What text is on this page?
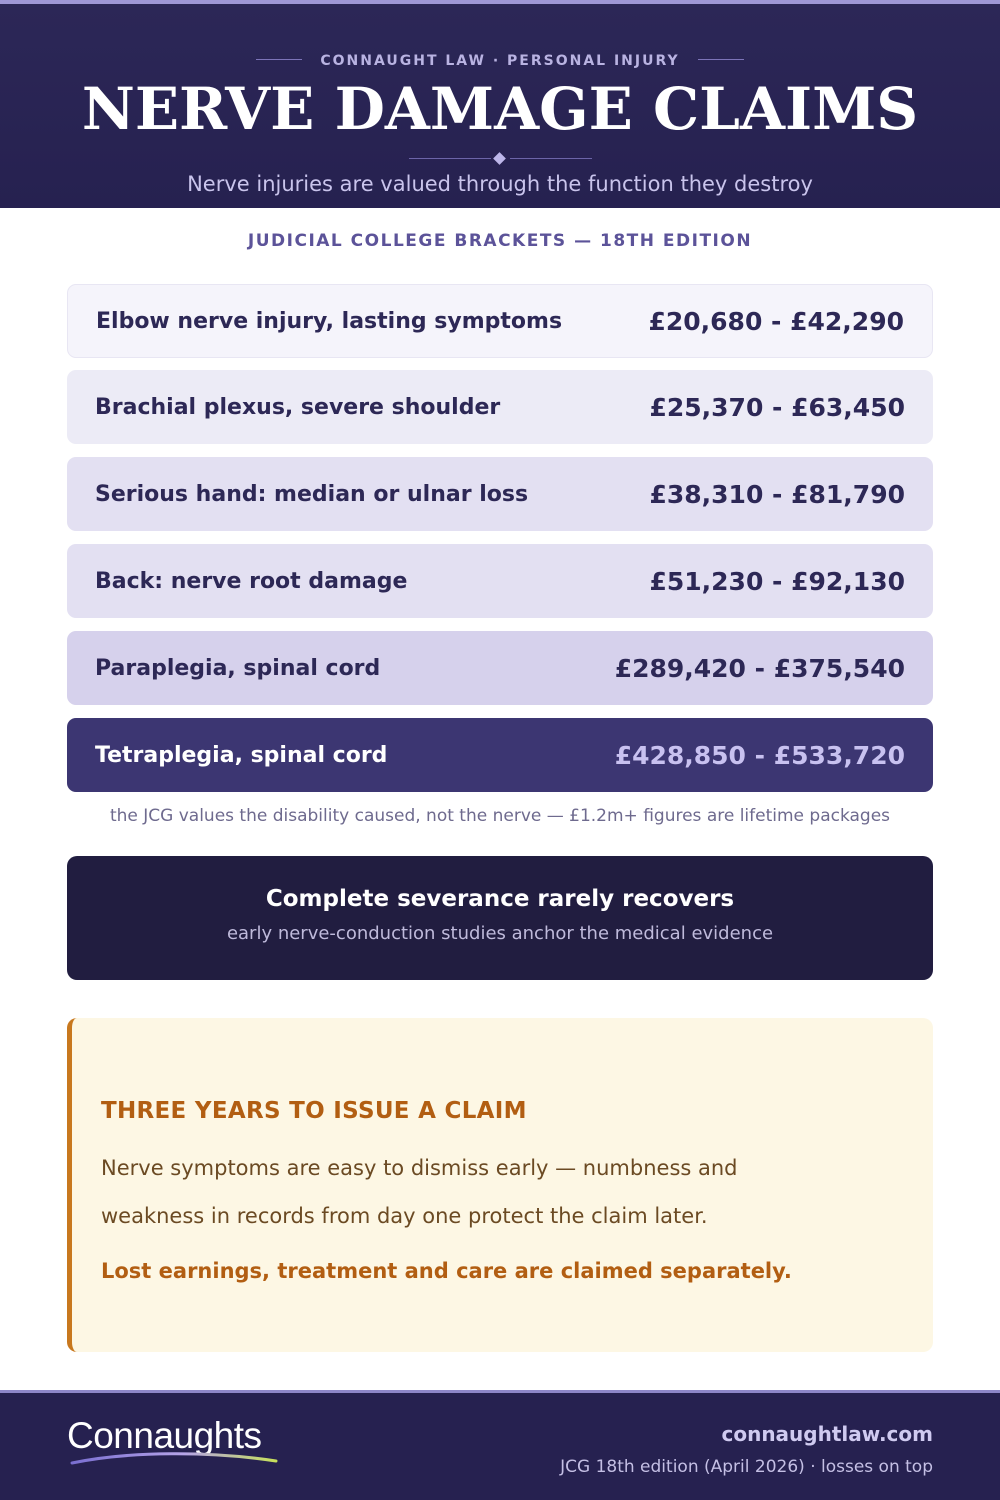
CONNAUGHT LAW · PERSONAL INJURY
NERVE DAMAGE CLAIMS
Nerve injuries are valued through the function they destroy
JUDICIAL COLLEGE BRACKETS — 18TH EDITION
Elbow nerve injury, lasting symptoms	£20,680 - £42,290
Brachial plexus, severe shoulder	£25,370 - £63,450
Serious hand: median or ulnar loss	£38,310 - £81,790
Back: nerve root damage	£51,230 - £92,130
Paraplegia, spinal cord	£289,420 - £375,540
Tetraplegia, spinal cord	£428,850 - £533,720
the JCG values the disability caused, not the nerve — £1.2m+ figures are lifetime packages
Complete severance rarely recovers
early nerve-conduction studies anchor the medical evidence
THREE YEARS TO ISSUE A CLAIM
Nerve symptoms are easy to dismiss early — numbness and weakness in records from day one protect the claim later.
Lost earnings, treatment and care are claimed separately.
Connaughts	connaughtlaw.com
JCG 18th edition (April 2026) · losses on top
